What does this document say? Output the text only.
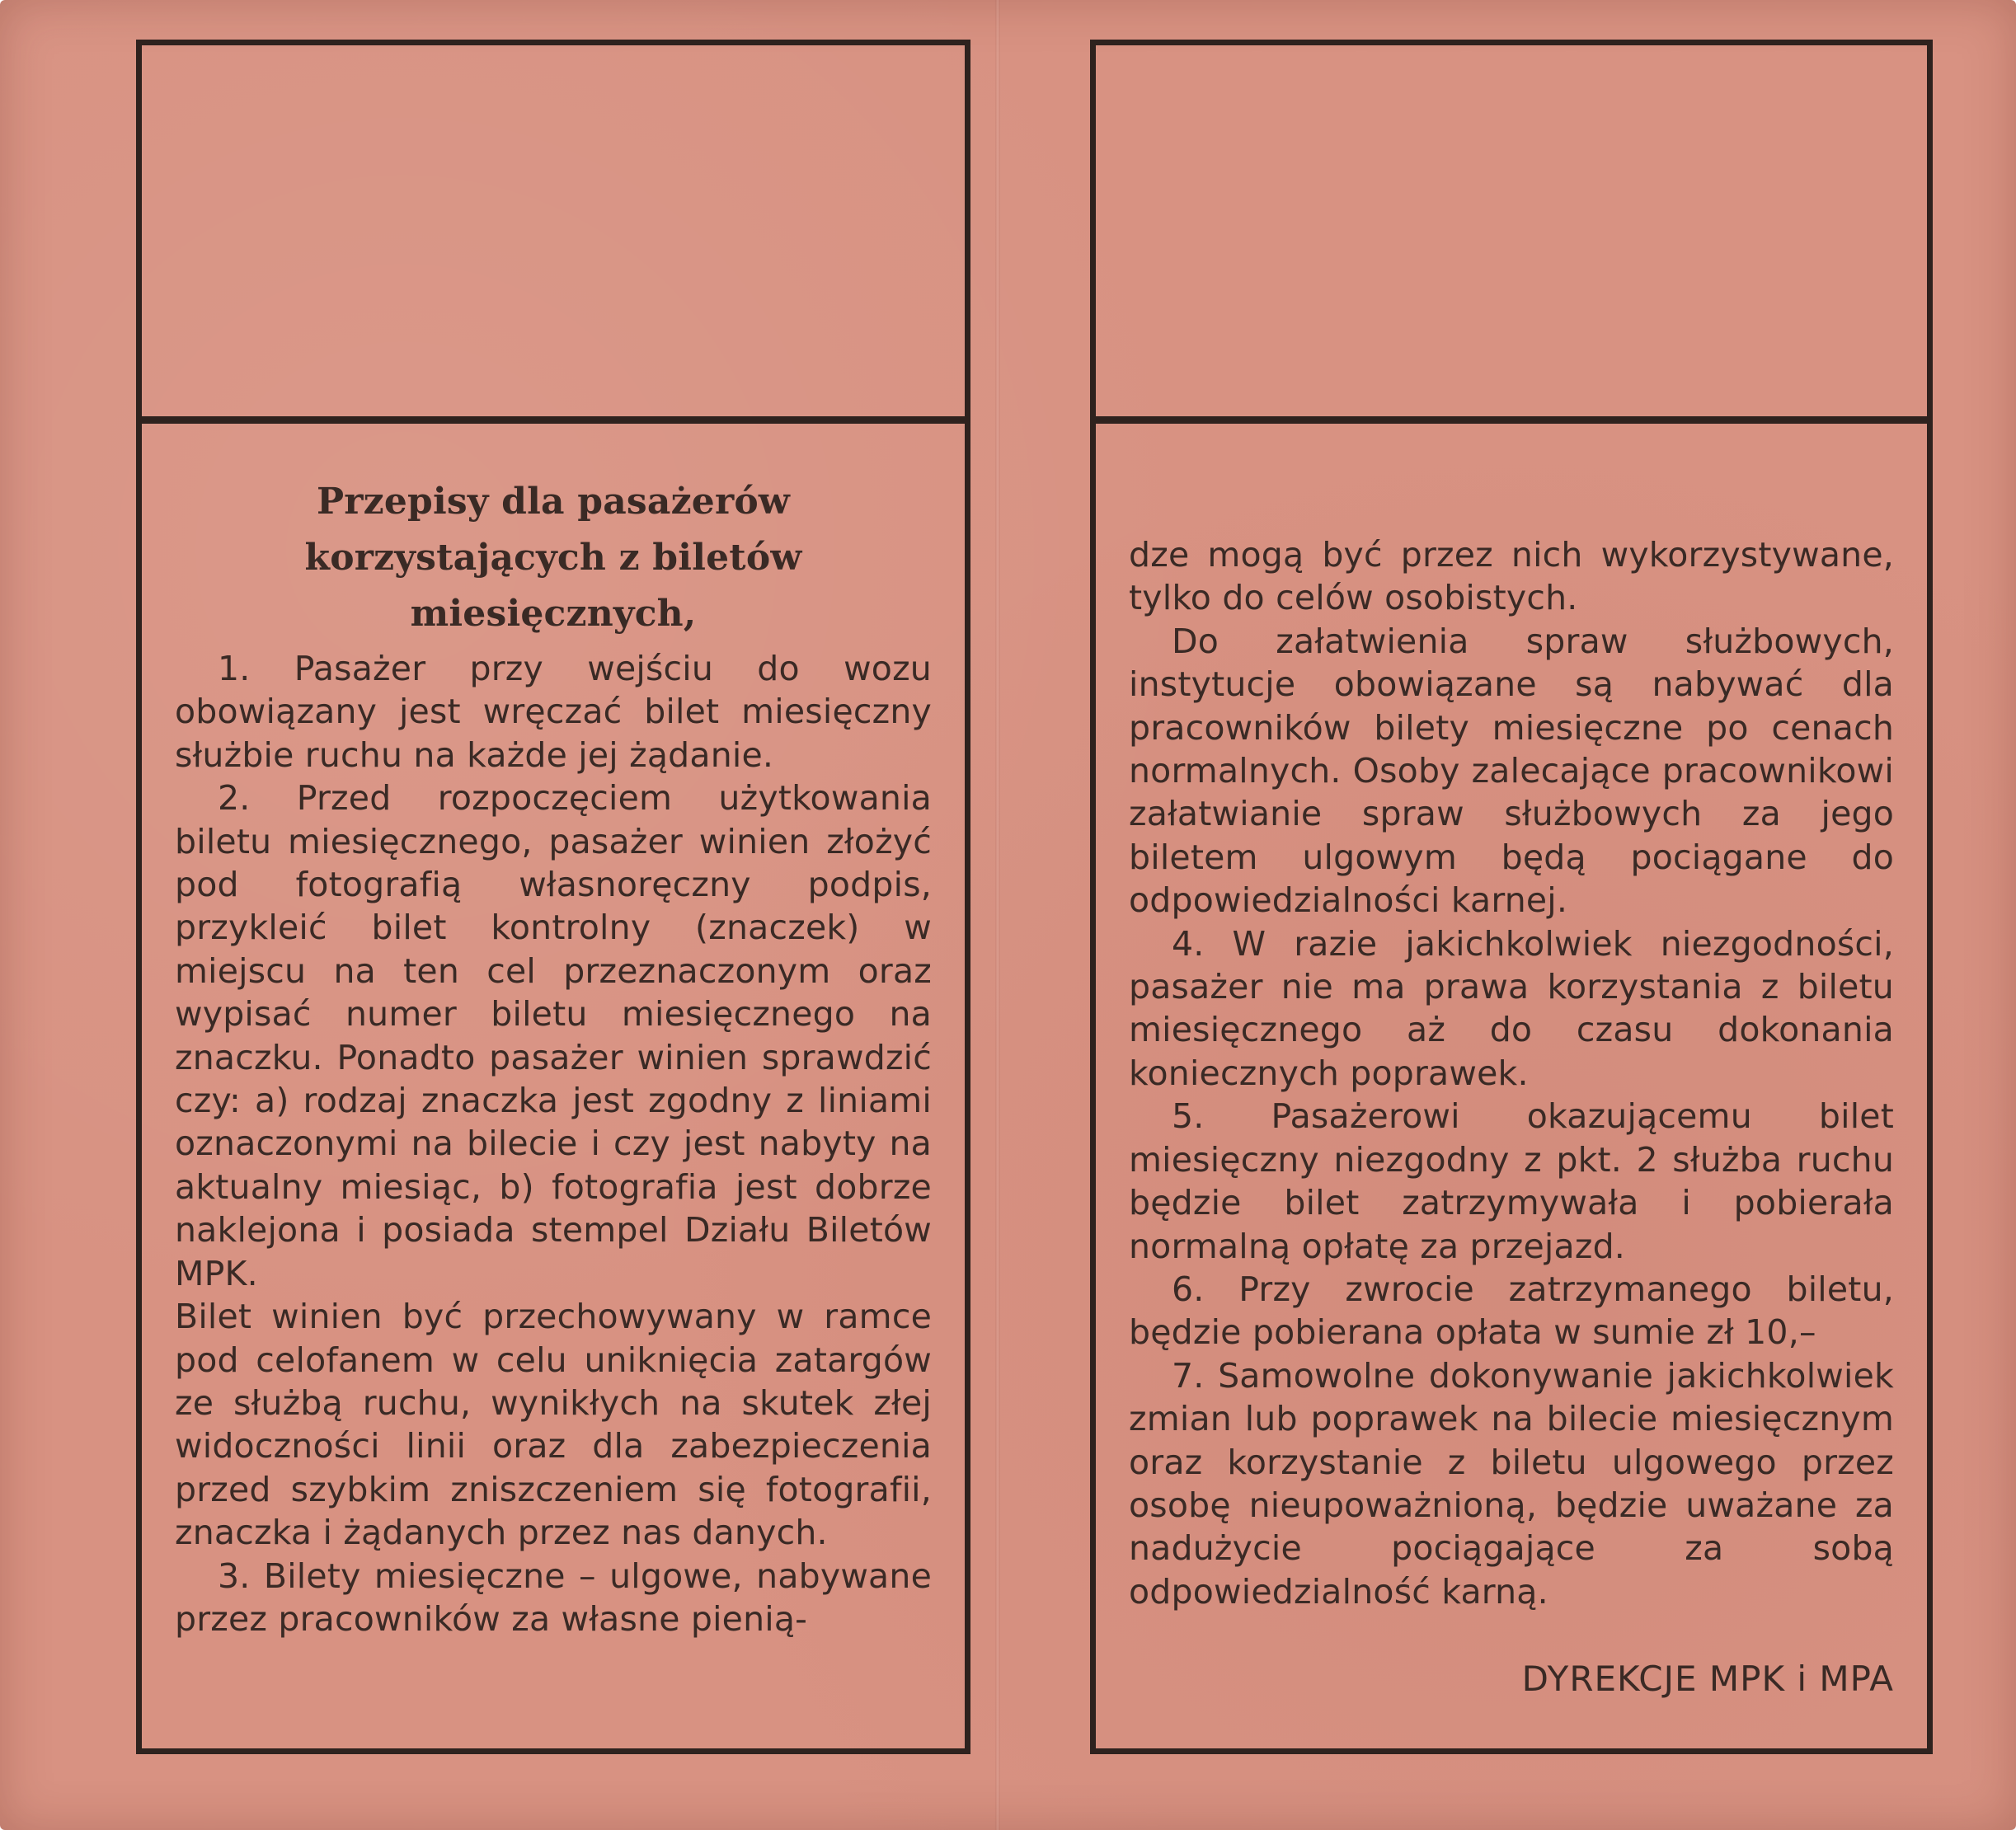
Przepisy dla pasażerów korzystających z biletów miesięcznych,

1. Pasażer przy wejściu do wozu obowiązany jest wręczać bilet miesięczny służbie ruchu na każde jej żądanie.

2. Przed rozpoczęciem użytkowania biletu miesięcznego, pasażer winien złożyć pod fotografią własnoręczny podpis, przykleić bilet kontrolny (znaczek) w miejscu na ten cel przeznaczonym oraz wypisać numer biletu miesięcznego na znaczku. Ponadto pasażer winien sprawdzić czy: a) rodzaj znaczka jest zgodny z liniami oznaczonymi na bilecie i czy jest nabyty na aktualny miesiąc, b) fotografia jest dobrze naklejona i posiada stempel Działu Biletów MPK.

Bilet winien być przechowywany w ramce pod celofanem w celu uniknięcia zatargów ze służbą ruchu, wynikłych na skutek złej widoczności linii oraz dla zabezpieczenia przed szybkim zniszczeniem się fotografii, znaczka i żądanych przez nas danych.

3. Bilety miesięczne – ulgowe, nabywane przez pracowników za własne pienią-

dze mogą być przez nich wykorzystywane, tylko do celów osobistych.

Do załatwienia spraw służbowych, instytucje obowiązane są nabywać dla pracowników bilety miesięczne po cenach normalnych. Osoby zalecające pracownikowi załatwianie spraw służbowych za jego biletem ulgowym będą pociągane do odpowiedzialności karnej.

4. W razie jakichkolwiek niezgodności, pasażer nie ma prawa korzystania z biletu miesięcznego aż do czasu dokonania koniecznych poprawek.

5. Pasażerowi okazującemu bilet miesięczny niezgodny z pkt. 2 służba ruchu będzie bilet zatrzymywała i pobierała normalną opłatę za przejazd.

6. Przy zwrocie zatrzymanego biletu, będzie pobierana opłata w sumie zł 10,–

7. Samowolne dokonywanie jakichkolwiek zmian lub poprawek na bilecie miesięcznym oraz korzystanie z biletu ulgowego przez osobę nieupoważnioną, będzie uważane za nadużycie pociągające za sobą odpowiedzialność karną.

DYREKCJE MPK i MPA
